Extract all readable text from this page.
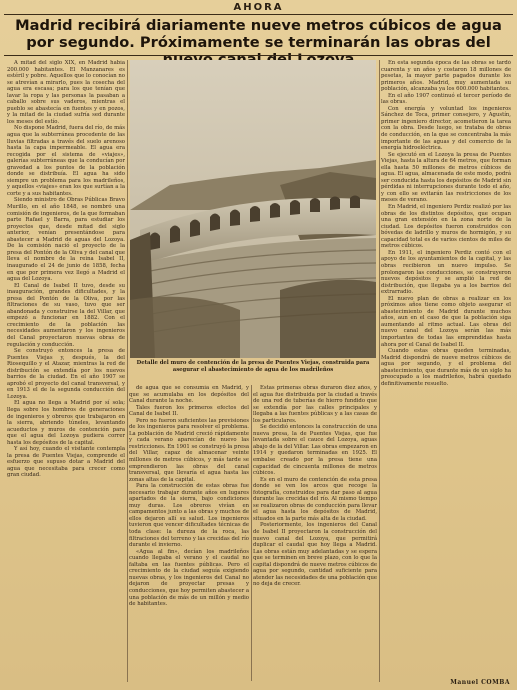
AHORA
Madrid recibirá diariamente nueve metros cúbicos de agua por segundo. Próximamente se terminarán las obras del

A mitad del siglo XIX, en Madrid había 200.000 habitantes. El Manzanares es estéril y pobre. Aquellos que lo conocían no se atrevían a mirarlo, pues la cosecha del agua era escasa; para los que tenían que lavar la ropa y las personas la pasaban a caballo sobre sus vaderos, mientras el pueblo se abastecía en fuentes y en pozos, y la mitad de la ciudad sufría sed durante los meses del estío.

No dispone Madrid, fuera del río, de más agua que la subterránea procedente de las lluvias filtradas a través del suelo arenoso hasta la capa impermeable. El agua era recogida por el sistema de «viajes», galerías subterráneas que la conducían por gravedad a los puntos de la población donde se distribuía. El agua ha sido siempre un problema para los madrileños, y aquellos «viajes» eran los que surtían a la corte y a sus habitantes.

Siendo ministro de Obras Públicas Bravo Murillo, en el año 1848, se nombró una comisión de ingenieros, de la que formaban parte Rafael y Barra, para estudiar los proyectos que, desde mitad del siglo anterior, venían presentándose para abastecer a Madrid de aguas del Lozoya. De la comisión nació el proyecto de la presa del Pontón de la Oliva y del canal que lleva el nombre de la reina Isabel II, inaugurado el 24 de junio de 1858, fecha en que por primera vez llegó a Madrid el agua del Lozoya.

El Canal de Isabel II tuvo, desde su inauguración, grandes dificultades, y la presa del Pontón de la Oliva, por las filtraciones de su vaso, tuvo que ser abandonada y construirse la del Villar, que empezó a funcionar en 1882. Con el crecimiento de la población las necesidades aumentaron y los ingenieros del Canal proyectaron nuevas obras de regulación y conducción.

Se construyó entonces la presa de Puentes Viejas y, después, la del Riosequillo y el Atazar, mientras la red de distribución se extendía por los nuevos barrios de la ciudad. En el año 1907 se aprobó el proyecto del canal transversal, y en 1913 el de la segunda conducción del Lozoya.

El agua no llega a Madrid por sí sola; llega sobre los hombros de generaciones de ingenieros y obreros que trabajaron en la sierra, abriendo túneles, levantando acueductos y muros de contención para que el agua del Lozoya pudiera correr hasta los depósitos de la capital.

Y así hoy, cuando el visitante contempla la presa de Puentes Viejas, comprende el esfuerzo que supuso dotar a Madrid del agua que necesitaba para crecer como gran ciudad.

Detalle del muro de contención de la presa de Puentes Viejas, construida para asegurar el abastecimiento de agua de los madrileños

de agua que se consumía en Madrid, y que se acumulaba en los depósitos del Canal durante la noche.

Tales fueron los primeros efectos del Canal de Isabel II.

Pero no fueron suficientes las previsiones de los ingenieros para resolver el problema. La población de Madrid creció rápidamente y cada verano aparecían de nuevo las restricciones. En 1901 se construyó la presa del Villar, capaz de almacenar veinte millones de metros cúbicos, y más tarde se emprendieron las obras del canal transversal, que llevaría el agua hasta las zonas altas de la capital.

Para la construcción de estas obras fue necesario trabajar durante años en lugares apartados de la sierra, bajo condiciones muy duras. Los obreros vivían en campamentos junto a las obras y muchos de ellos dejaron allí su salud. Los ingenieros tuvieron que vencer dificultades técnicas de toda clase: la dureza de la roca, las filtraciones del terreno y las crecidas del río durante el invierno.

«Agua al fin», decían los madrileños cuando llegaba el verano y el caudal no faltaba en las fuentes públicas. Pero el crecimiento de la ciudad seguía exigiendo nuevas obras, y los ingenieros del Canal no dejaron de proyectar presas y conducciones, que hoy permiten abastecer a una población de más de un millón y medio de habitantes.

Estas primeras obras duraron diez años, y el agua fue distribuida por la ciudad a través de una red de tuberías de hierro fundido que se extendía por las calles principales y llegaba a las fuentes públicas y a las casas de los particulares.

Se decidió entonces la construcción de una nueva presa, la de Puentes Viejas, que fue levantada sobre el cauce del Lozoya, aguas abajo de la del Villar. Las obras empezaron en 1914 y quedaron terminadas en 1925. El embalse creado por la presa tiene una capacidad de cincuenta millones de metros cúbicos.

Es en el muro de contención de esta presa donde se ven los arcos que recoge la fotografía, construidos para dar paso al agua durante las crecidas del río. Al mismo tiempo se realizaron obras de conducción para llevar el agua hasta los depósitos de Madrid, situados en la parte más alta de la ciudad.

Posteriormente, los ingenieros del Canal de Isabel II proyectaron la construcción del nuevo canal del Lozoya, que permitirá duplicar el caudal que hoy llega a Madrid. Las obras están muy adelantadas y se espera que se terminen en breve plazo, con lo que la capital dispondrá de nueve metros cúbicos de agua por segundo, cantidad suficiente para atender las necesidades de una población que no deja de crecer.

En esta segunda época de las obras se tardó cuarenta y un años y costaron 18 millones de pesetas, la mayor parte pagados durante los primeros años. Madrid, muy aumentada su población, alcanzaba ya los 600.000 habitantes.

En el año 1907 continuó el tercer período de las obras.

Con energía y voluntad los ingenieros Sánchez de Toca, primer consejero, y Agustín, primer ingeniero director, acometieron la tarea con la obra. Desde luego, se trataba de obras de conducción, en la que se concentraba la más importante de las aguas y del comercio de la energía hidroeléctrica.

Se ejecutó en el Lozoya la presa de Puentes Viejas, hasta la altura de 64 metros, que forman ella hasta 50 millones de metros cúbicos de agua. El agua, almacenada de este modo, podrá ser conducida hasta los depósitos de Madrid sin pérdidas ni interrupciones durante todo el año, y con ello se evitarán las restricciones de los meses de verano.

En Madrid, el ingeniero Perdiz realizó por las obras de los distintos depósitos, que ocupan una gran extensión en la zona norte de la ciudad. Los depósitos fueron construidos con bóvedas de ladrillo y muros de hormigón, y su capacidad total es de varios cientos de miles de metros cúbicos.

En 1911, el ingeniero Perdiz contó con el apoyo de los ayuntamientos de la capital, y las obras recibieron un nuevo impulso. Se prolongaron las conducciones, se construyeron nuevos depósitos y se amplió la red de distribución, que llegaba ya a los barrios del extrarradio.

El nuevo plan de obras a realizar en los próximos años tiene como objeto asegurar el abastecimiento de Madrid durante muchos años, aun en el caso de que la población siga aumentando al ritmo actual. Las obras del nuevo canal del Lozoya serán las más importantes de todas las emprendidas hasta ahora por el Canal de Isabel II.

Cuando estas obras queden terminadas, Madrid dispondrá de nueve metros cúbicos de agua por segundo, y el problema del abastecimiento, que durante más de un siglo ha preocupado a los madrileños, habrá quedado definitivamente resuelto.

Manuel COMBA
